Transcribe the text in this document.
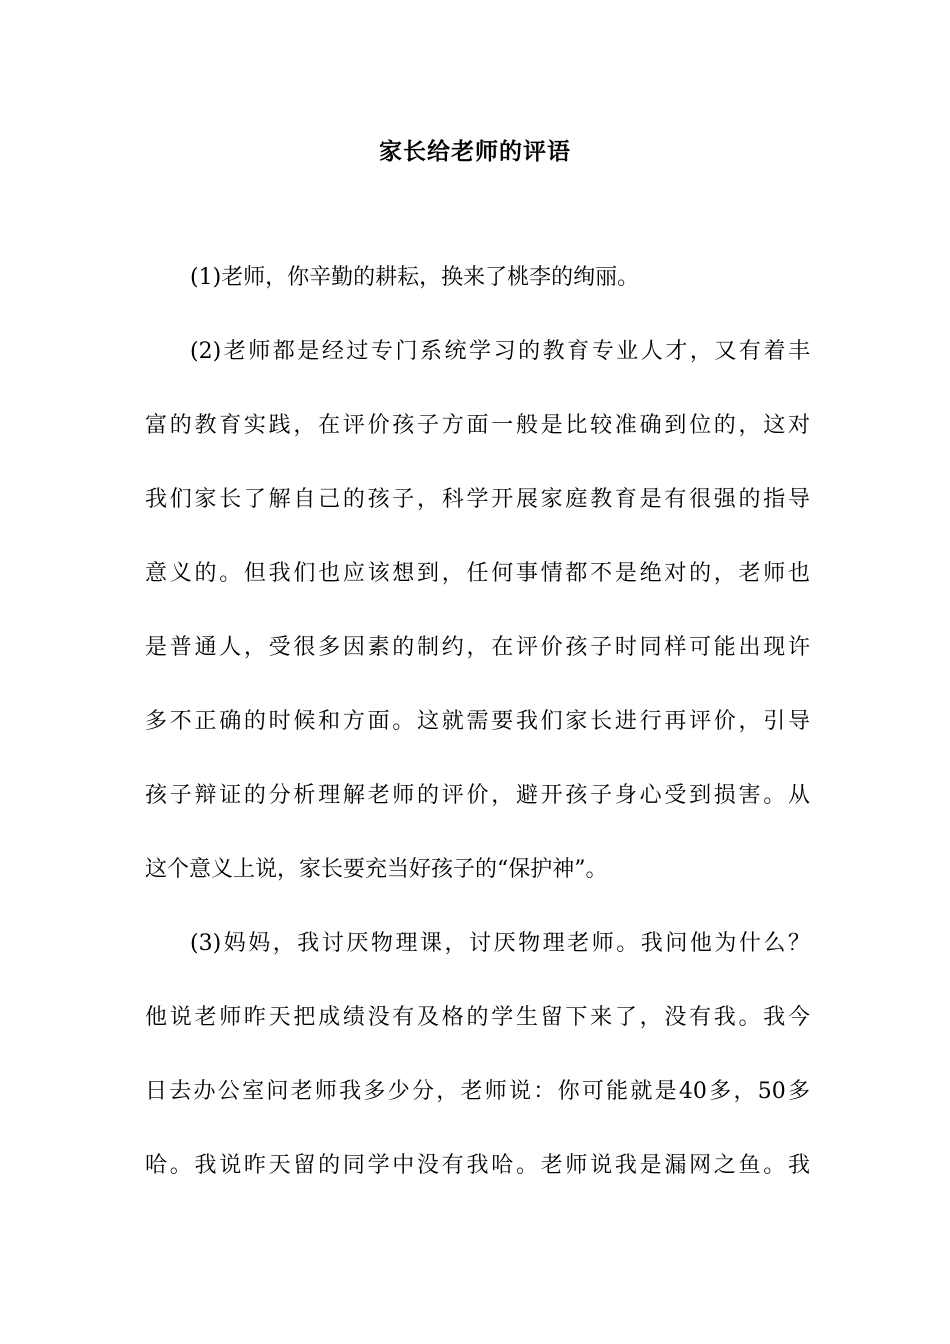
家长给老师的评语
(1)老师，你辛勤的耕耘，换来了桃李的绚丽。
(2)老师都是经过专门系统学习的教育专业人才，又有着丰
富的教育实践，在评价孩子方面一般是比较准确到位的，这对
我们家长了解自己的孩子，科学开展家庭教育是有很强的指导
意义的。但我们也应该想到，任何事情都不是绝对的，老师也
是普通人，受很多因素的制约，在评价孩子时同样可能出现许
多不正确的时候和方面。这就需要我们家长进行再评价，引导
孩子辩证的分析理解老师的评价，避开孩子身心受到损害。从
这个意义上说，家长要充当好孩子的“保护神”。
(3)妈妈，我讨厌物理课，讨厌物理老师。我问他为什么？
他说老师昨天把成绩没有及格的学生留下来了，没有我。我今
日去办公室问老师我多少分，老师说：你可能就是40多，50多
哈。我说昨天留的同学中没有我哈。老师说我是漏网之鱼。我
